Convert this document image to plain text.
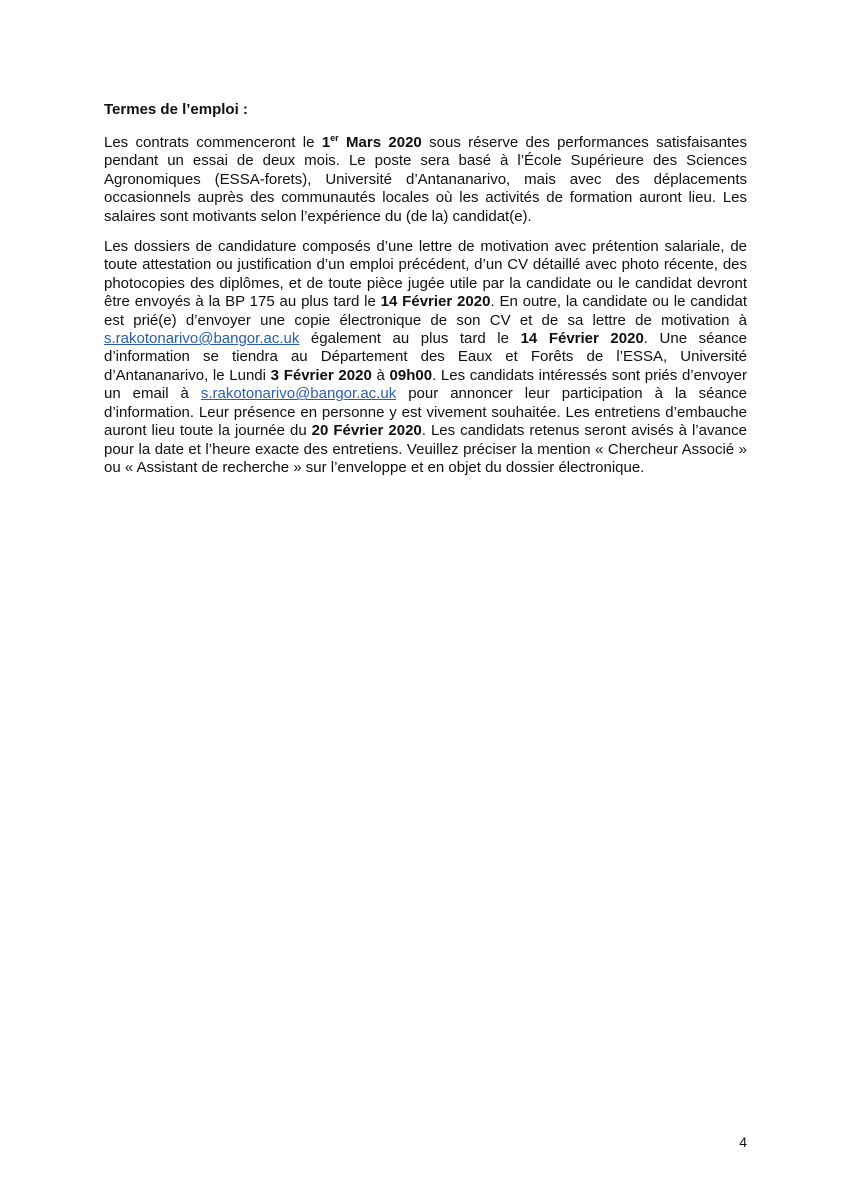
Termes de l’emploi :

Les contrats commenceront le 1er Mars 2020 sous réserve des performances satisfaisantes pendant un essai de deux mois. Le poste sera basé à l’École Supérieure des Sciences Agronomiques (ESSA-forets), Université d’Antananarivo, mais avec des déplacements occasionnels auprès des communautés locales où les activités de formation auront lieu. Les salaires sont motivants selon l’expérience du (de la) candidat(e).

Les dossiers de candidature composés d’une lettre de motivation avec prétention salariale, de toute attestation ou justification d’un emploi précédent, d’un CV détaillé avec photo récente, des photocopies des diplômes, et de toute pièce jugée utile par la candidate ou le candidat devront être envoyés à la BP 175 au plus tard le 14 Février 2020. En outre, la candidate ou le candidat est prié(e) d’envoyer une copie électronique de son CV et de sa lettre de motivation à s.rakotonarivo@bangor.ac.uk également au plus tard le 14 Février 2020. Une séance d’information se tiendra au Département des Eaux et Forêts de l’ESSA, Université d’Antananarivo, le Lundi 3 Février 2020 à 09h00. Les candidats intéressés sont priés d’envoyer un email à s.rakotonarivo@bangor.ac.uk pour annoncer leur participation à la séance d’information. Leur présence en personne y est vivement souhaitée. Les entretiens d’embauche auront lieu toute la journée du 20 Février 2020. Les candidats retenus seront avisés à l’avance pour la date et l’heure exacte des entretiens. Veuillez préciser la mention « Chercheur Associé » ou « Assistant de recherche » sur l’enveloppe et en objet du dossier électronique.

4
